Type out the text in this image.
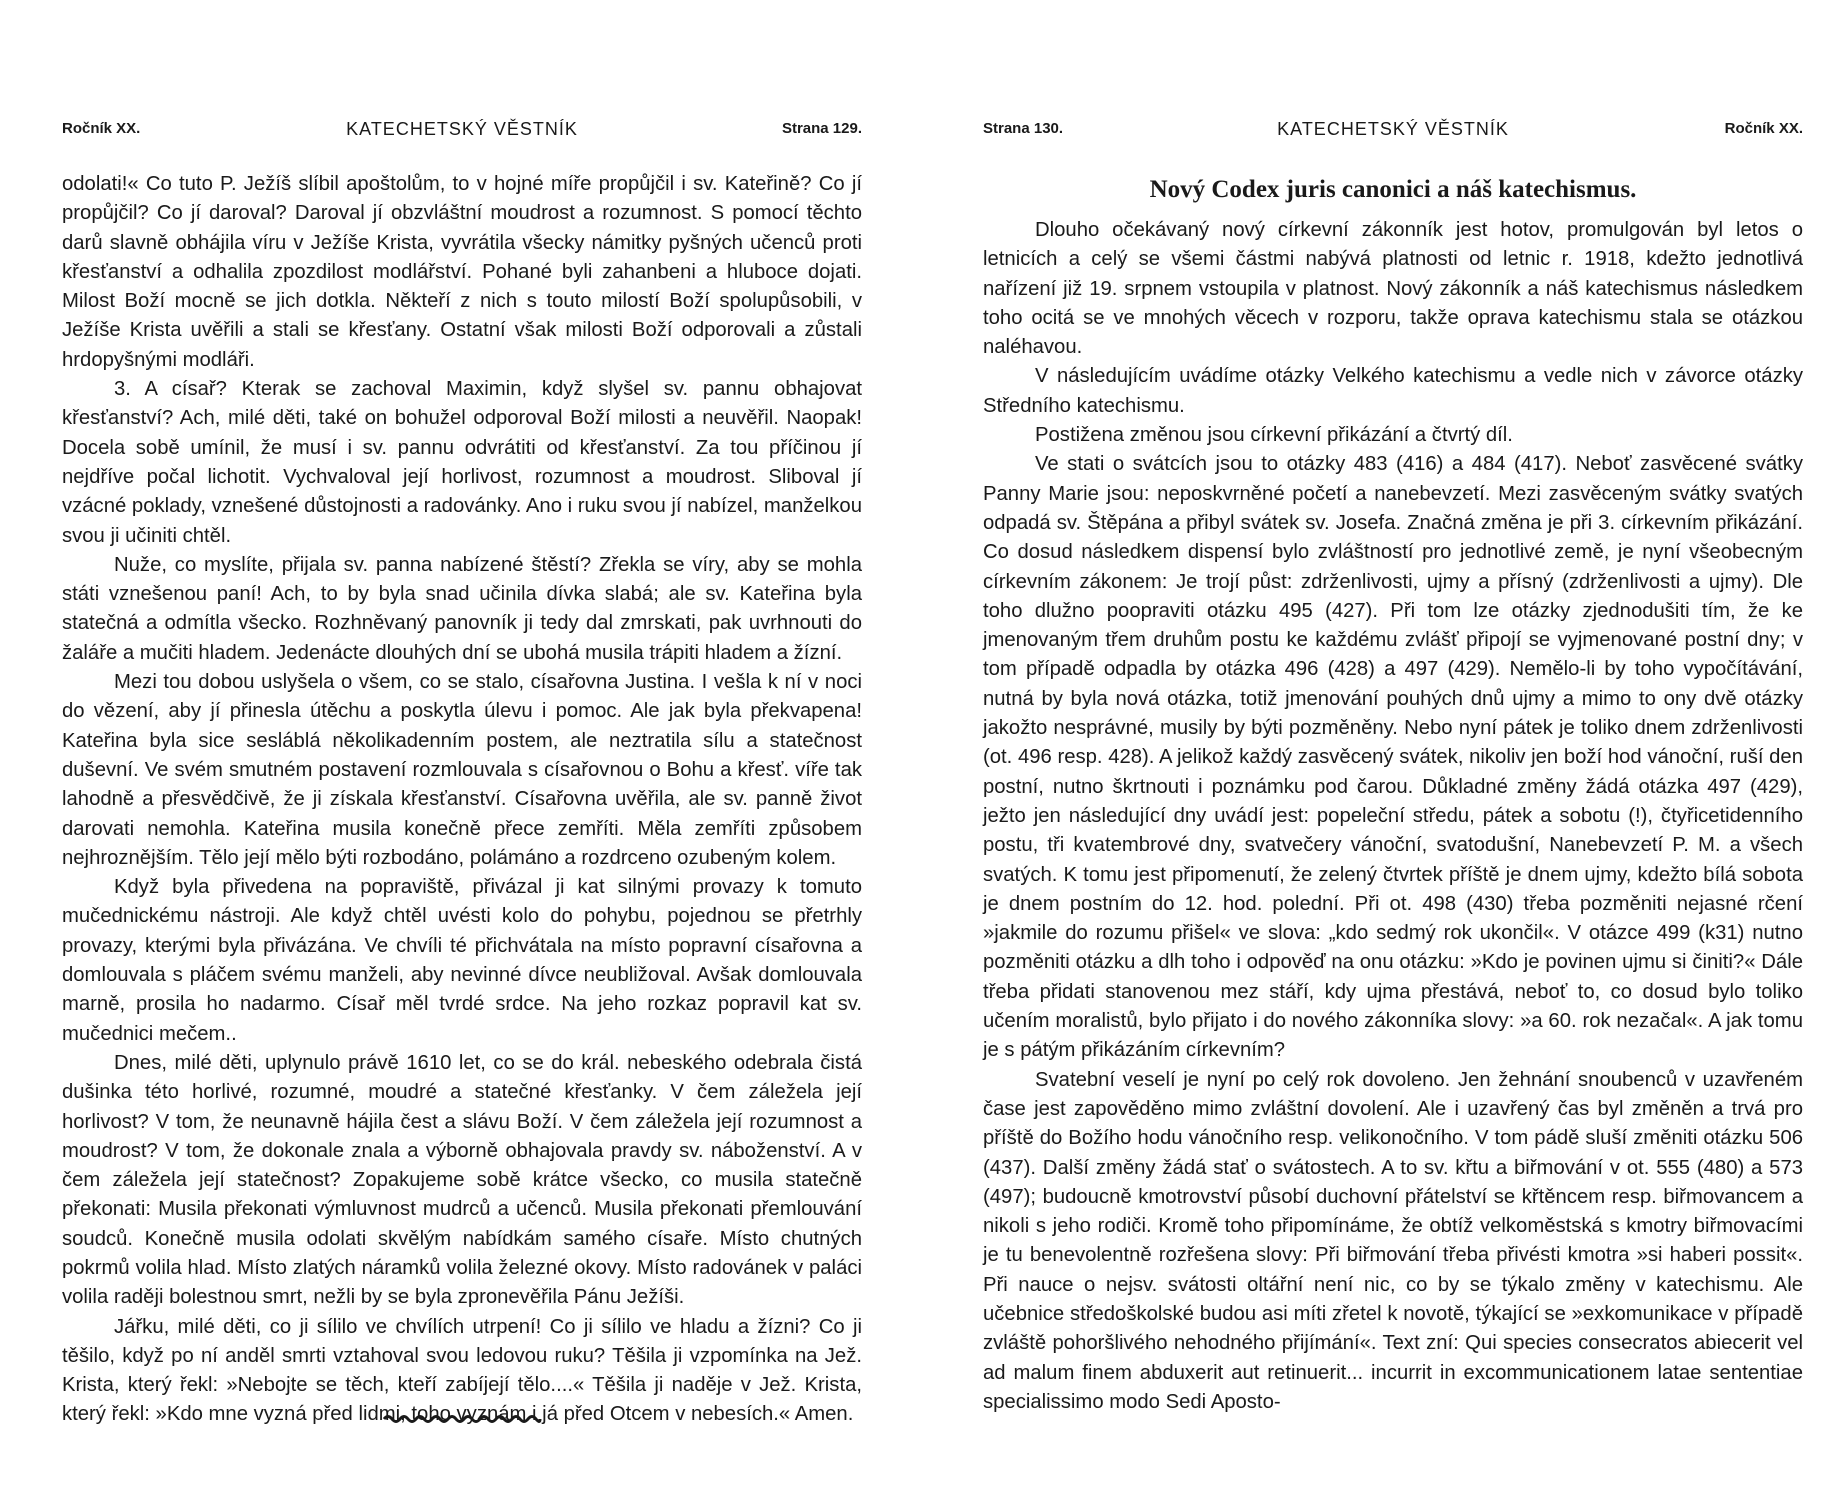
Ročník XX.	KATECHETSKÝ VĚSTNÍK	Strana 129.

odolati!« Co tuto P. Ježíš slíbil apoštolům, to v hojné míře propůjčil i sv. Kateřině? Co jí propůjčil? Co jí daroval? Daroval jí obzvláštní moudrost a rozumnost. S pomocí těchto darů slavně obhájila víru v Ježíše Krista, vyvrátila všecky námitky pyšných učenců proti křesťanství a odhalila zpozdilost modlářství. Pohané byli zahanbeni a hluboce dojati. Milost Boží mocně se jich dotkla. Někteří z nich s touto milostí Boží spolupůsobili, v Ježíše Krista uvěřili a stali se křesťany. Ostatní však milosti Boží odporovali a zůstali hrdopyšnými modláři.

3. A císař? Kterak se zachoval Maximin, když slyšel sv. pannu obhajovat křesťanství? Ach, milé děti, také on bohužel odporoval Boží milosti a neuvěřil. Naopak! Docela sobě umínil, že musí i sv. pannu odvrátiti od křesťanství. Za tou příčinou jí nejdříve počal lichotit. Vychvaloval její horlivost, rozumnost a moudrost. Sliboval jí vzácné poklady, vznešené důstojnosti a radovánky. Ano i ruku svou jí nabízel, manželkou svou ji učiniti chtěl.

Nuže, co myslíte, přijala sv. panna nabízené štěstí? Zřekla se víry, aby se mohla státi vznešenou paní! Ach, to by byla snad učinila dívka slabá; ale sv. Kateřina byla statečná a odmítla všecko. Rozhněvaný panovník ji tedy dal zmrskati, pak uvrhnouti do žaláře a mučiti hladem. Jedenácte dlouhých dní se ubohá musila trápiti hladem a žízní.

Mezi tou dobou uslyšela o všem, co se stalo, císařovna Justina. I vešla k ní v noci do vězení, aby jí přinesla útěchu a poskytla úlevu i pomoc. Ale jak byla překvapena! Kateřina byla sice sesláblá několikadenním postem, ale neztratila sílu a statečnost duševní. Ve svém smutném postavení rozmlouvala s císařovnou o Bohu a křesť. víře tak lahodně a přesvědčivě, že ji získala křesťanství. Císařovna uvěřila, ale sv. panně život darovati nemohla. Kateřina musila konečně přece zemříti. Měla zemříti způsobem nejhroznějším. Tělo její mělo býti rozbodáno, polámáno a rozdrceno ozubeným kolem.

Když byla přivedena na popraviště, přivázal ji kat silnými provazy k tomuto mučednickému nástroji. Ale když chtěl uvésti kolo do pohybu, pojednou se přetrhly provazy, kterými byla přivázána. Ve chvíli té přichvátala na místo popravní císařovna a domlouvala s pláčem svému manželi, aby nevinné dívce neubližoval. Avšak domlouvala marně, prosila ho nadarmo. Císař měl tvrdé srdce. Na jeho rozkaz popravil kat sv. mučednici mečem..

Dnes, milé děti, uplynulo právě 1610 let, co se do král. nebeského odebrala čistá dušinka této horlivé, rozumné, moudré a statečné křesťanky. V čem záležela její horlivost? V tom, že neunavně hájila čest a slávu Boží. V čem záležela její rozumnost a moudrost? V tom, že dokonale znala a výborně obhajovala pravdy sv. náboženství. A v čem záležela její statečnost? Zopakujeme sobě krátce všecko, co musila statečně překonati: Musila překonati výmluvnost mudrců a učenců. Musila překonati přemlouvání soudců. Konečně musila odolati skvělým nabídkám samého císaře. Místo chutných pokrmů volila hlad. Místo zlatých náramků volila železné okovy. Místo radovánek v paláci volila raději bolestnou smrt, nežli by se byla zpronevěřila Pánu Ježíši.

Jářku, milé děti, co ji sílilo ve chvílích utrpení! Co ji sílilo ve hladu a žízni? Co ji těšilo, když po ní anděl smrti vztahoval svou ledovou ruku? Těšila ji vzpomínka na Jež. Krista, který řekl: »Nebojte se těch, kteří zabíjejí tělo....« Těšila ji naděje v Jež. Krista, který řekl: »Kdo mne vyzná před lidmi, toho vyznám i já před Otcem v nebesích.« Amen.

Strana 130.	KATECHETSKÝ VĚSTNÍK	Ročník XX.
Nový Codex juris canonici a náš katechismus.

Dlouho očekávaný nový církevní zákonník jest hotov, promulgován byl letos o letnicích a celý se všemi částmi nabývá platnosti od letnic r. 1918, kdežto jednotlivá nařízení již 19. srpnem vstoupila v platnost. Nový zákonník a náš katechismus následkem toho ocitá se ve mnohých věcech v rozporu, takže oprava katechismu stala se otázkou naléhavou.

V následujícím uvádíme otázky Velkého katechismu a vedle nich v závorce otázky Středního katechismu.

Postižena změnou jsou církevní přikázání a čtvrtý díl.

Ve stati o svátcích jsou to otázky 483 (416) a 484 (417). Neboť zasvěcené svátky Panny Marie jsou: neposkvrněné početí a nanebevzetí. Mezi zasvěceným svátky svatých odpadá sv. Štěpána a přibyl svátek sv. Josefa. Značná změna je při 3. církevním přikázání. Co dosud následkem dispensí bylo zvláštností pro jednotlivé země, je nyní všeobecným církevním zákonem: Je trojí půst: zdrženlivosti, ujmy a přísný (zdrženlivosti a ujmy). Dle toho dlužno poopraviti otázku 495 (427). Při tom lze otázky zjednodušiti tím, že ke jmenovaným třem druhům postu ke každému zvlášť připojí se vyjmenované postní dny; v tom případě odpadla by otázka 496 (428) a 497 (429). Nemělo-li by toho vypočítávání, nutná by byla nová otázka, totiž jmenování pouhých dnů ujmy a mimo to ony dvě otázky jakožto nesprávné, musily by býti pozměněny. Nebo nyní pátek je toliko dnem zdrženlivosti (ot. 496 resp. 428). A jelikož každý zasvěcený svátek, nikoliv jen boží hod vánoční, ruší den postní, nutno škrtnouti i poznámku pod čarou. Důkladné změny žádá otázka 497 (429), ježto jen následující dny uvádí jest: popeleční středu, pátek a sobotu (!), čtyřicetidenního postu, tři kvatembrové dny, svatvečery vánoční, svatodušní, Nanebevzetí P. M. a všech svatých. K tomu jest připomenutí, že zelený čtvrtek příště je dnem ujmy, kdežto bílá sobota je dnem postním do 12. hod. polední. Při ot. 498 (430) třeba pozměniti nejasné rčení »jakmile do rozumu přišel« ve slova: „kdo sedmý rok ukončil«. V otázce 499 (k31) nutno pozměniti otázku a dlh toho i odpověď na onu otázku: »Kdo je povinen ujmu si činiti?« Dále třeba přidati stanovenou mez stáří, kdy ujma přestává, neboť to, co dosud bylo toliko učením moralistů, bylo přijato i do nového zákonníka slovy: »a 60. rok nezačal«. A jak tomu je s pátým přikázáním církevním?

Svatební veselí je nyní po celý rok dovoleno. Jen žehnání snoubenců v uzavřeném čase jest zapověděno mimo zvláštní dovolení. Ale i uzavřený čas byl změněn a trvá pro příště do Božího hodu vánočního resp. velikonočního. V tom pádě sluší změniti otázku 506 (437). Další změny žádá stať o svátostech. A to sv. křtu a biřmování v ot. 555 (480) a 573 (497); budoucně kmotrovství působí duchovní přátelství se křtěncem resp. biřmovancem a nikoli s jeho rodiči. Kromě toho připomínáme, že obtíž velkoměstská s kmotry biřmovacími je tu benevolentně rozřešena slovy: Při biřmování třeba přivésti kmotra »si haberi possit«. Při nauce o nejsv. svátosti oltářní není nic, co by se týkalo změny v katechismu. Ale učebnice středoškolské budou asi míti zřetel k novotě, týkající se »exkomunikace v případě zvláště pohoršlivého nehodného přijímání«. Text zní: Qui species consecratos abiecerit vel ad malum finem abduxerit aut retinuerit... incurrit in excommunicationem latae sententiae specialissimo modo Sedi Aposto-
